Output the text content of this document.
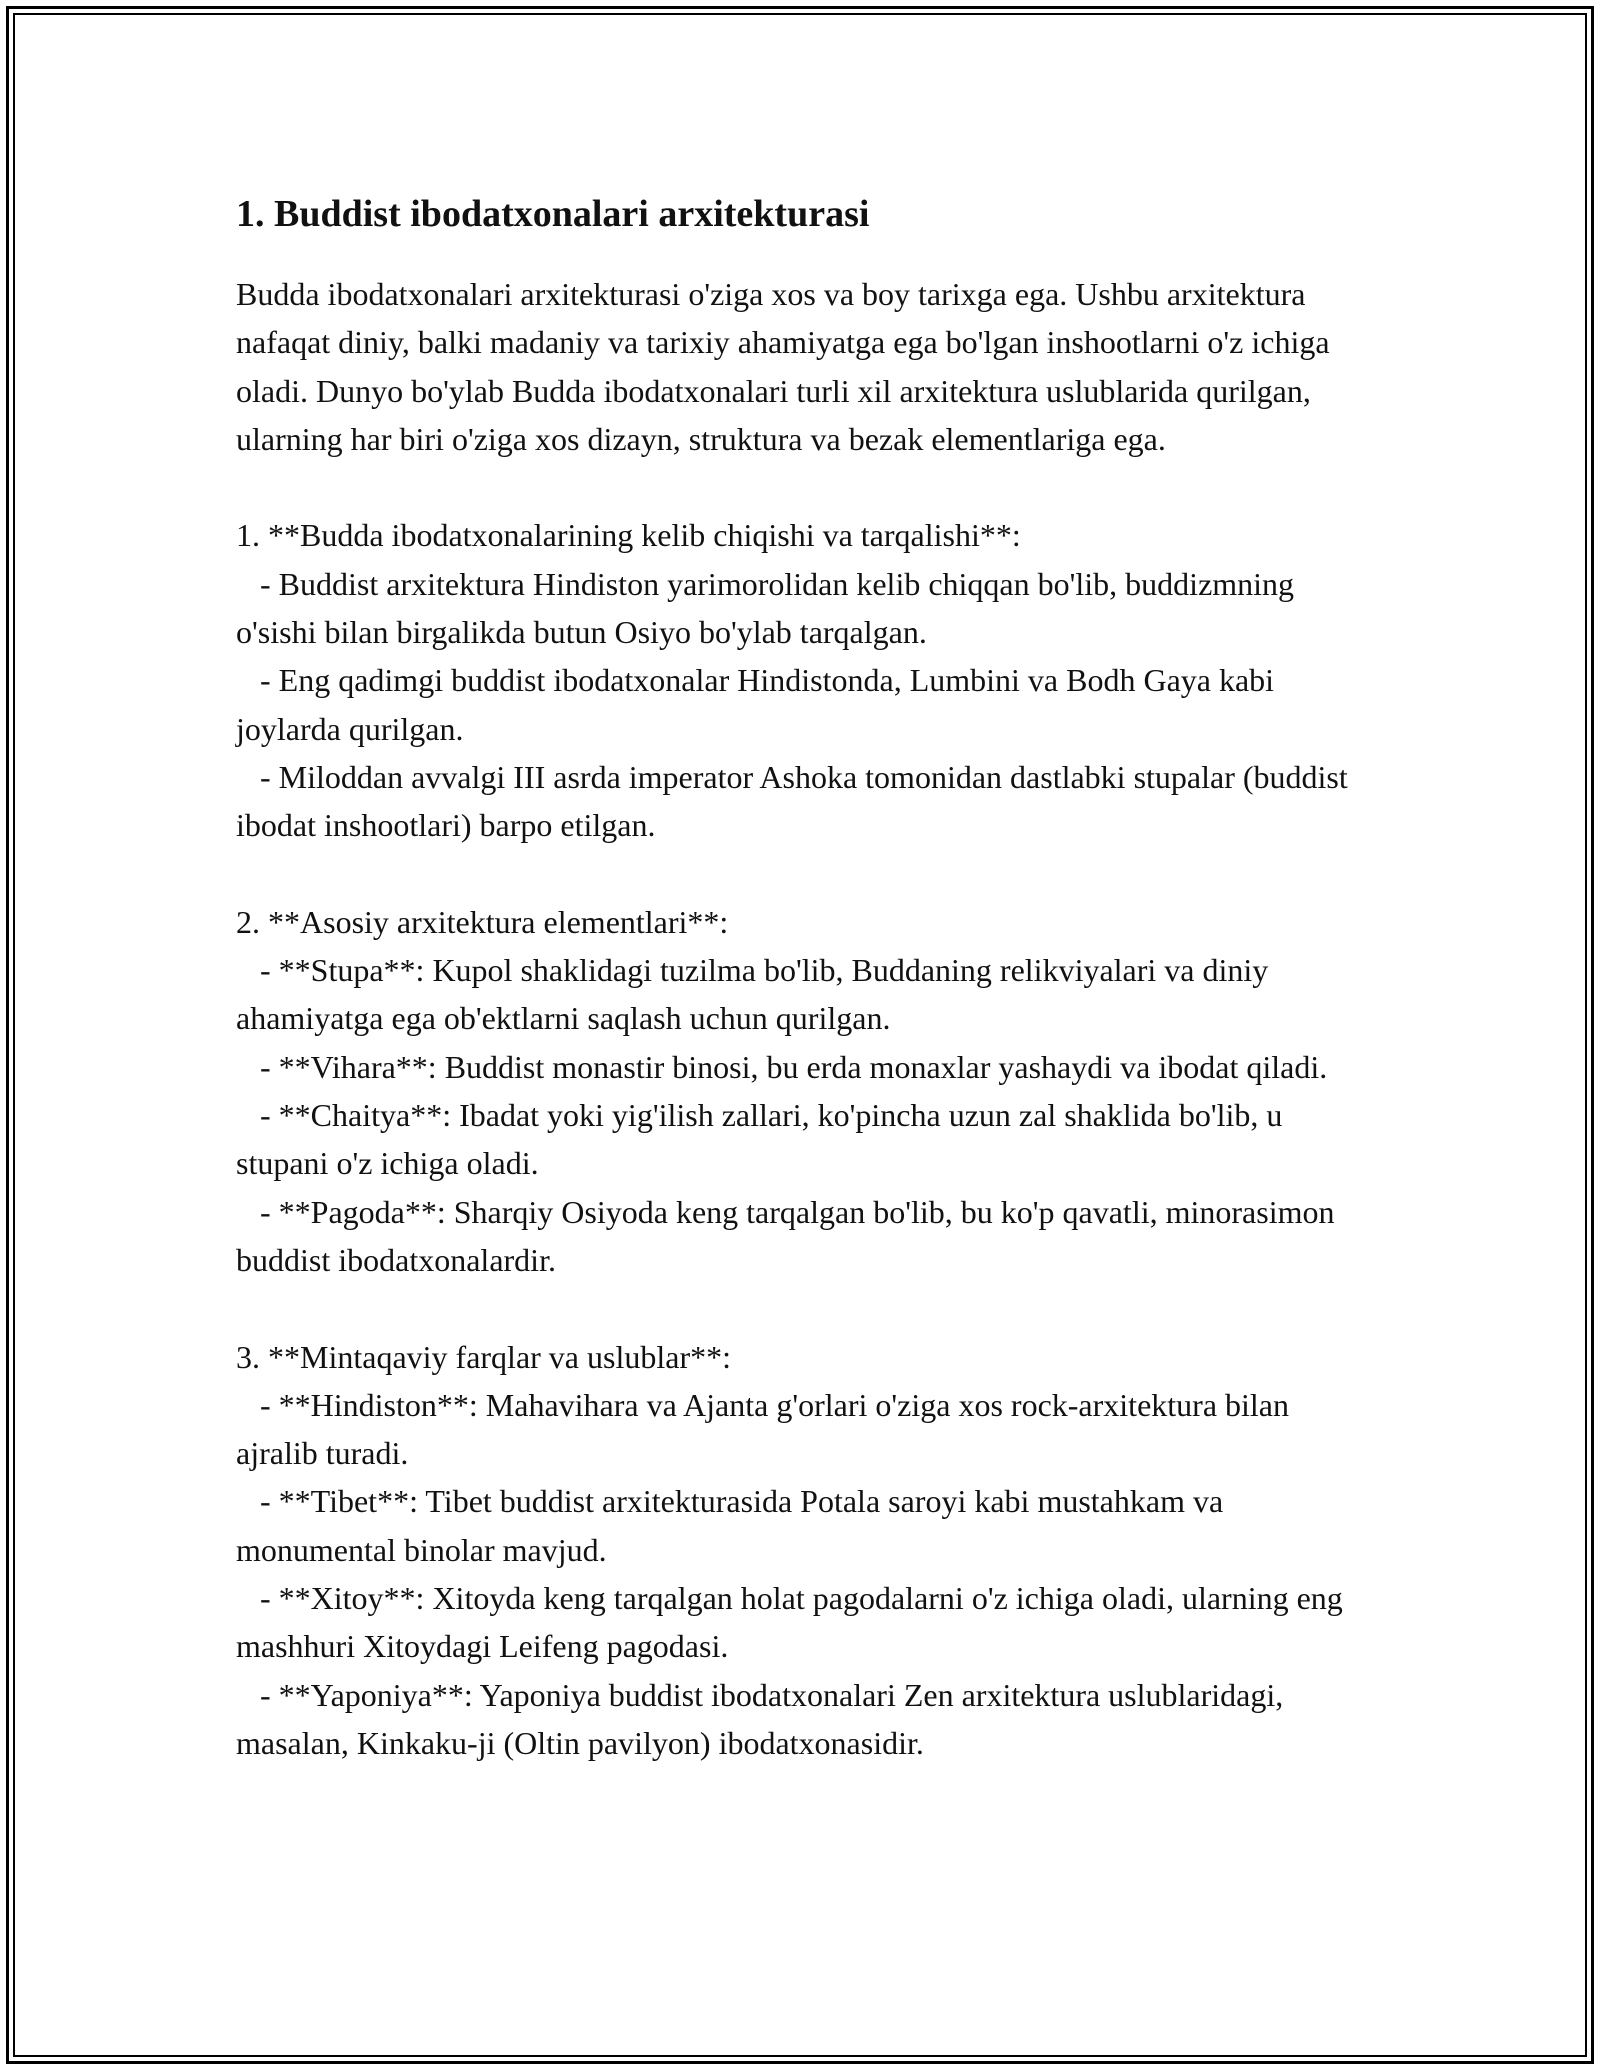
1. Buddist ibodatxonalari arxitekturasi

Budda ibodatxonalari arxitekturasi o'ziga xos va boy tarixga ega. Ushbu arxitektura nafaqat diniy, balki madaniy va tarixiy ahamiyatga ega bo'lgan inshootlarni o'z ichiga oladi. Dunyo bo'ylab Budda ibodatxonalari turli xil arxitektura uslublarida qurilgan, ularning har biri o'ziga xos dizayn, struktura va bezak elementlariga ega.

1. **Budda ibodatxonalarining kelib chiqishi va tarqalishi**:

- Buddist arxitektura Hindiston yarimorolidan kelib chiqqan bo'lib, buddizmning o'sishi bilan birgalikda butun Osiyo bo'ylab tarqalgan.

- Eng qadimgi buddist ibodatxonalar Hindistonda, Lumbini va Bodh Gaya kabi joylarda qurilgan.

- Miloddan avvalgi III asrda imperator Ashoka tomonidan dastlabki stupalar (buddist ibodat inshootlari) barpo etilgan.

2. **Asosiy arxitektura elementlari**:

- **Stupa**: Kupol shaklidagi tuzilma bo'lib, Buddaning relikviyalari va diniy ahamiyatga ega ob'ektlarni saqlash uchun qurilgan.

- **Vihara**: Buddist monastir binosi, bu erda monaxlar yashaydi va ibodat qiladi.

- **Chaitya**: Ibadat yoki yig'ilish zallari, ko'pincha uzun zal shaklida bo'lib, u stupani o'z ichiga oladi.

- **Pagoda**: Sharqiy Osiyoda keng tarqalgan bo'lib, bu ko'p qavatli, minorasimon buddist ibodatxonalardir.

3. **Mintaqaviy farqlar va uslublar**:

- **Hindiston**: Mahavihara va Ajanta g'orlari o'ziga xos rock-arxitektura bilan ajralib turadi.

- **Tibet**: Tibet buddist arxitekturasida Potala saroyi kabi mustahkam va monumental binolar mavjud.

- **Xitoy**: Xitoyda keng tarqalgan holat pagodalarni o'z ichiga oladi, ularning eng mashhuri Xitoydagi Leifeng pagodasi.

- **Yaponiya**: Yaponiya buddist ibodatxonalari Zen arxitektura uslublaridagi, masalan, Kinkaku-ji (Oltin pavilyon) ibodatxonasidir.
